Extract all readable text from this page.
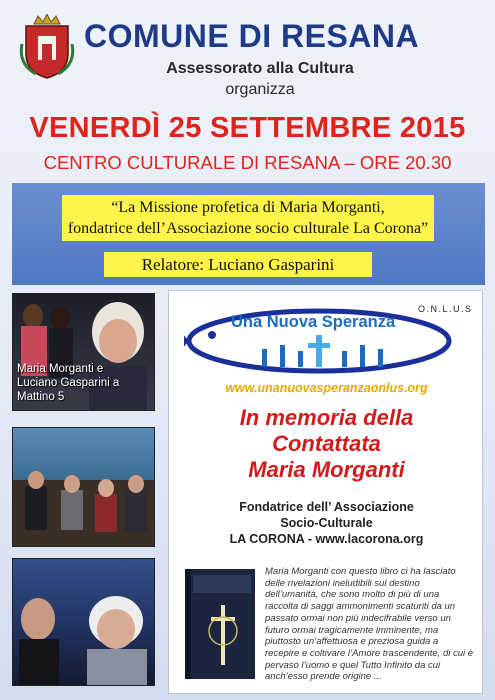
COMUNE DI RESANA
Assessorato alla Cultura
organizza
VENERDÌ 25 SETTEMBRE 2015
CENTRO CULTURALE DI RESANA – ORE 20.30
“La Missione profetica di Maria Morganti,
fondatrice dell’Associazione socio culturale La Corona”
Relatore: Luciano Gasparini
Maria Morganti e
Luciano Gasparini a
Mattino 5
O.N.L.U.S
Una Nuova Speranza
www.unanuovasperanzaonlus.org
In memoria della
Contattata
Maria Morganti
Fondatrice dell’ Associazione
Socio-Culturale
LA CORONA - www.lacorona.org
Maria Morganti con questo libro ci ha lasciato delle rivelazioni ineludibili sul destino dell’umanità, che sono molto di più di una raccolta di saggi ammonimenti scaturiti da un passato ormai non più indecifrabile verso un futuro ormai tragicamente imminente, ma piuttosto un’affettuosa e preziosa guida a recepire e coltivare l’Amore trascendente, di cui è pervaso l’uomo e quel Tutto Infinito da cui anch’esso prende origine ...
